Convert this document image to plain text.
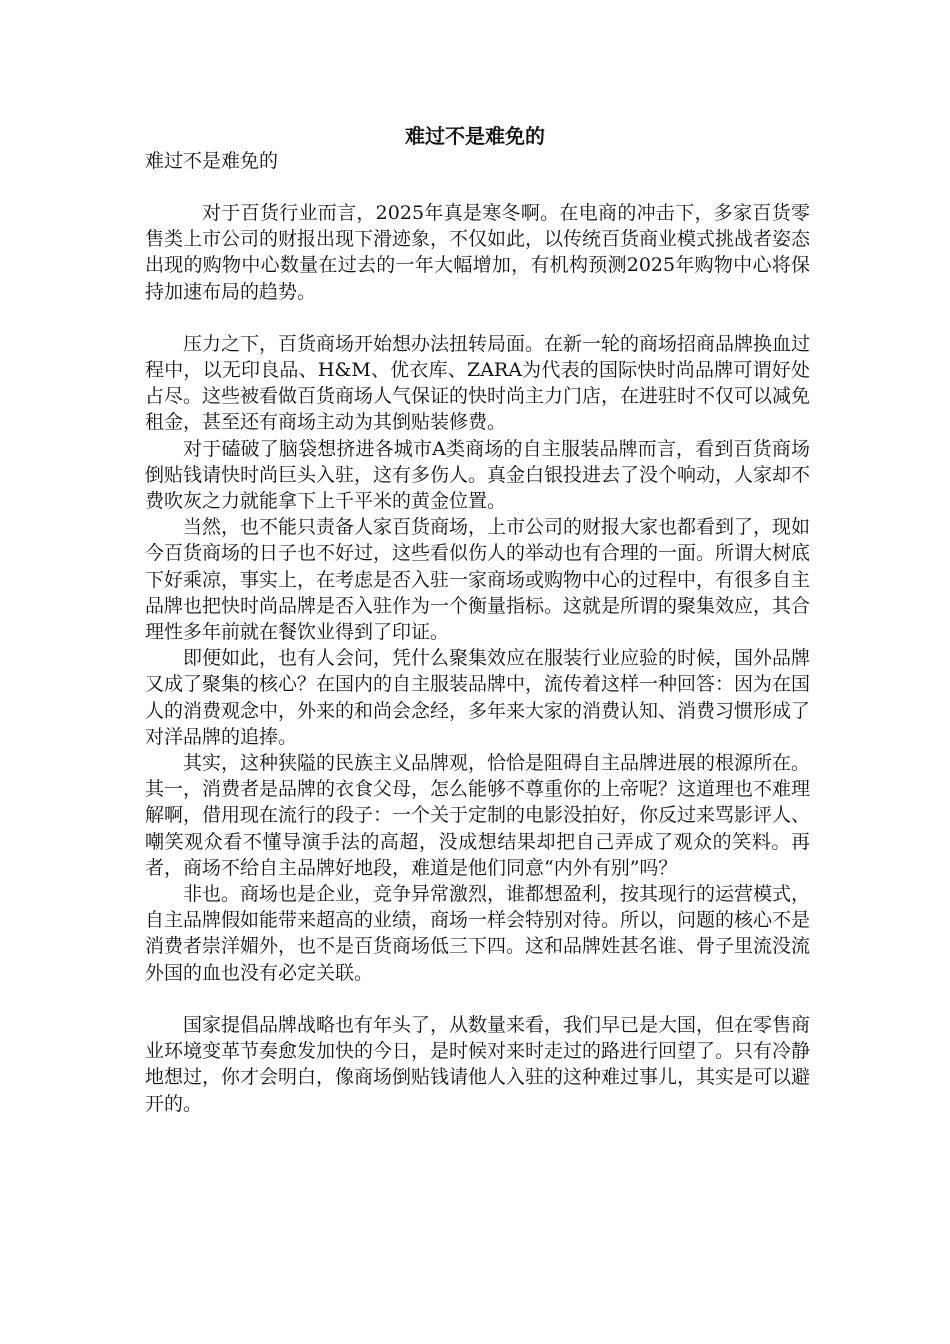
难过不是难免的
难过不是难免的

对于百货行业而言，2025年真是寒冬啊。在电商的冲击下，多家百货零售类上市公司的财报出现下滑迹象，不仅如此，以传统百货商业模式挑战者姿态出现的购物中心数量在过去的一年大幅增加，有机构预测2025年购物中心将保持加速布局的趋势。

压力之下，百货商场开始想办法扭转局面。在新一轮的商场招商品牌换血过程中，以无印良品、H&M、优衣库、ZARA为代表的国际快时尚品牌可谓好处占尽。这些被看做百货商场人气保证的快时尚主力门店，在进驻时不仅可以减免租金，甚至还有商场主动为其倒贴装修费。

对于磕破了脑袋想挤进各城市A类商场的自主服装品牌而言，看到百货商场倒贴钱请快时尚巨头入驻，这有多伤人。真金白银投进去了没个响动，人家却不费吹灰之力就能拿下上千平米的黄金位置。

当然，也不能只责备人家百货商场，上市公司的财报大家也都看到了，现如今百货商场的日子也不好过，这些看似伤人的举动也有合理的一面。所谓大树底下好乘凉，事实上，在考虑是否入驻一家商场或购物中心的过程中，有很多自主品牌也把快时尚品牌是否入驻作为一个衡量指标。这就是所谓的聚集效应，其合理性多年前就在餐饮业得到了印证。

即便如此，也有人会问，凭什么聚集效应在服装行业应验的时候，国外品牌又成了聚集的核心？在国内的自主服装品牌中，流传着这样一种回答：因为在国人的消费观念中，外来的和尚会念经，多年来大家的消费认知、消费习惯形成了对洋品牌的追捧。

其实，这种狭隘的民族主义品牌观，恰恰是阻碍自主品牌进展的根源所在。其一，消费者是品牌的衣食父母，怎么能够不尊重你的上帝呢？这道理也不难理解啊，借用现在流行的段子：一个关于定制的电影没拍好，你反过来骂影评人、嘲笑观众看不懂导演手法的高超，没成想结果却把自己弄成了观众的笑料。再者，商场不给自主品牌好地段，难道是他们同意“内外有别”吗？

非也。商场也是企业，竞争异常激烈，谁都想盈利，按其现行的运营模式，自主品牌假如能带来超高的业绩，商场一样会特别对待。所以，问题的核心不是消费者崇洋媚外，也不是百货商场低三下四。这和品牌姓甚名谁、骨子里流没流外国的血也没有必定关联。

国家提倡品牌战略也有年头了，从数量来看，我们早已是大国，但在零售商业环境变革节奏愈发加快的今日，是时候对来时走过的路进行回望了。只有冷静地想过，你才会明白，像商场倒贴钱请他人入驻的这种难过事儿，其实是可以避开的。
